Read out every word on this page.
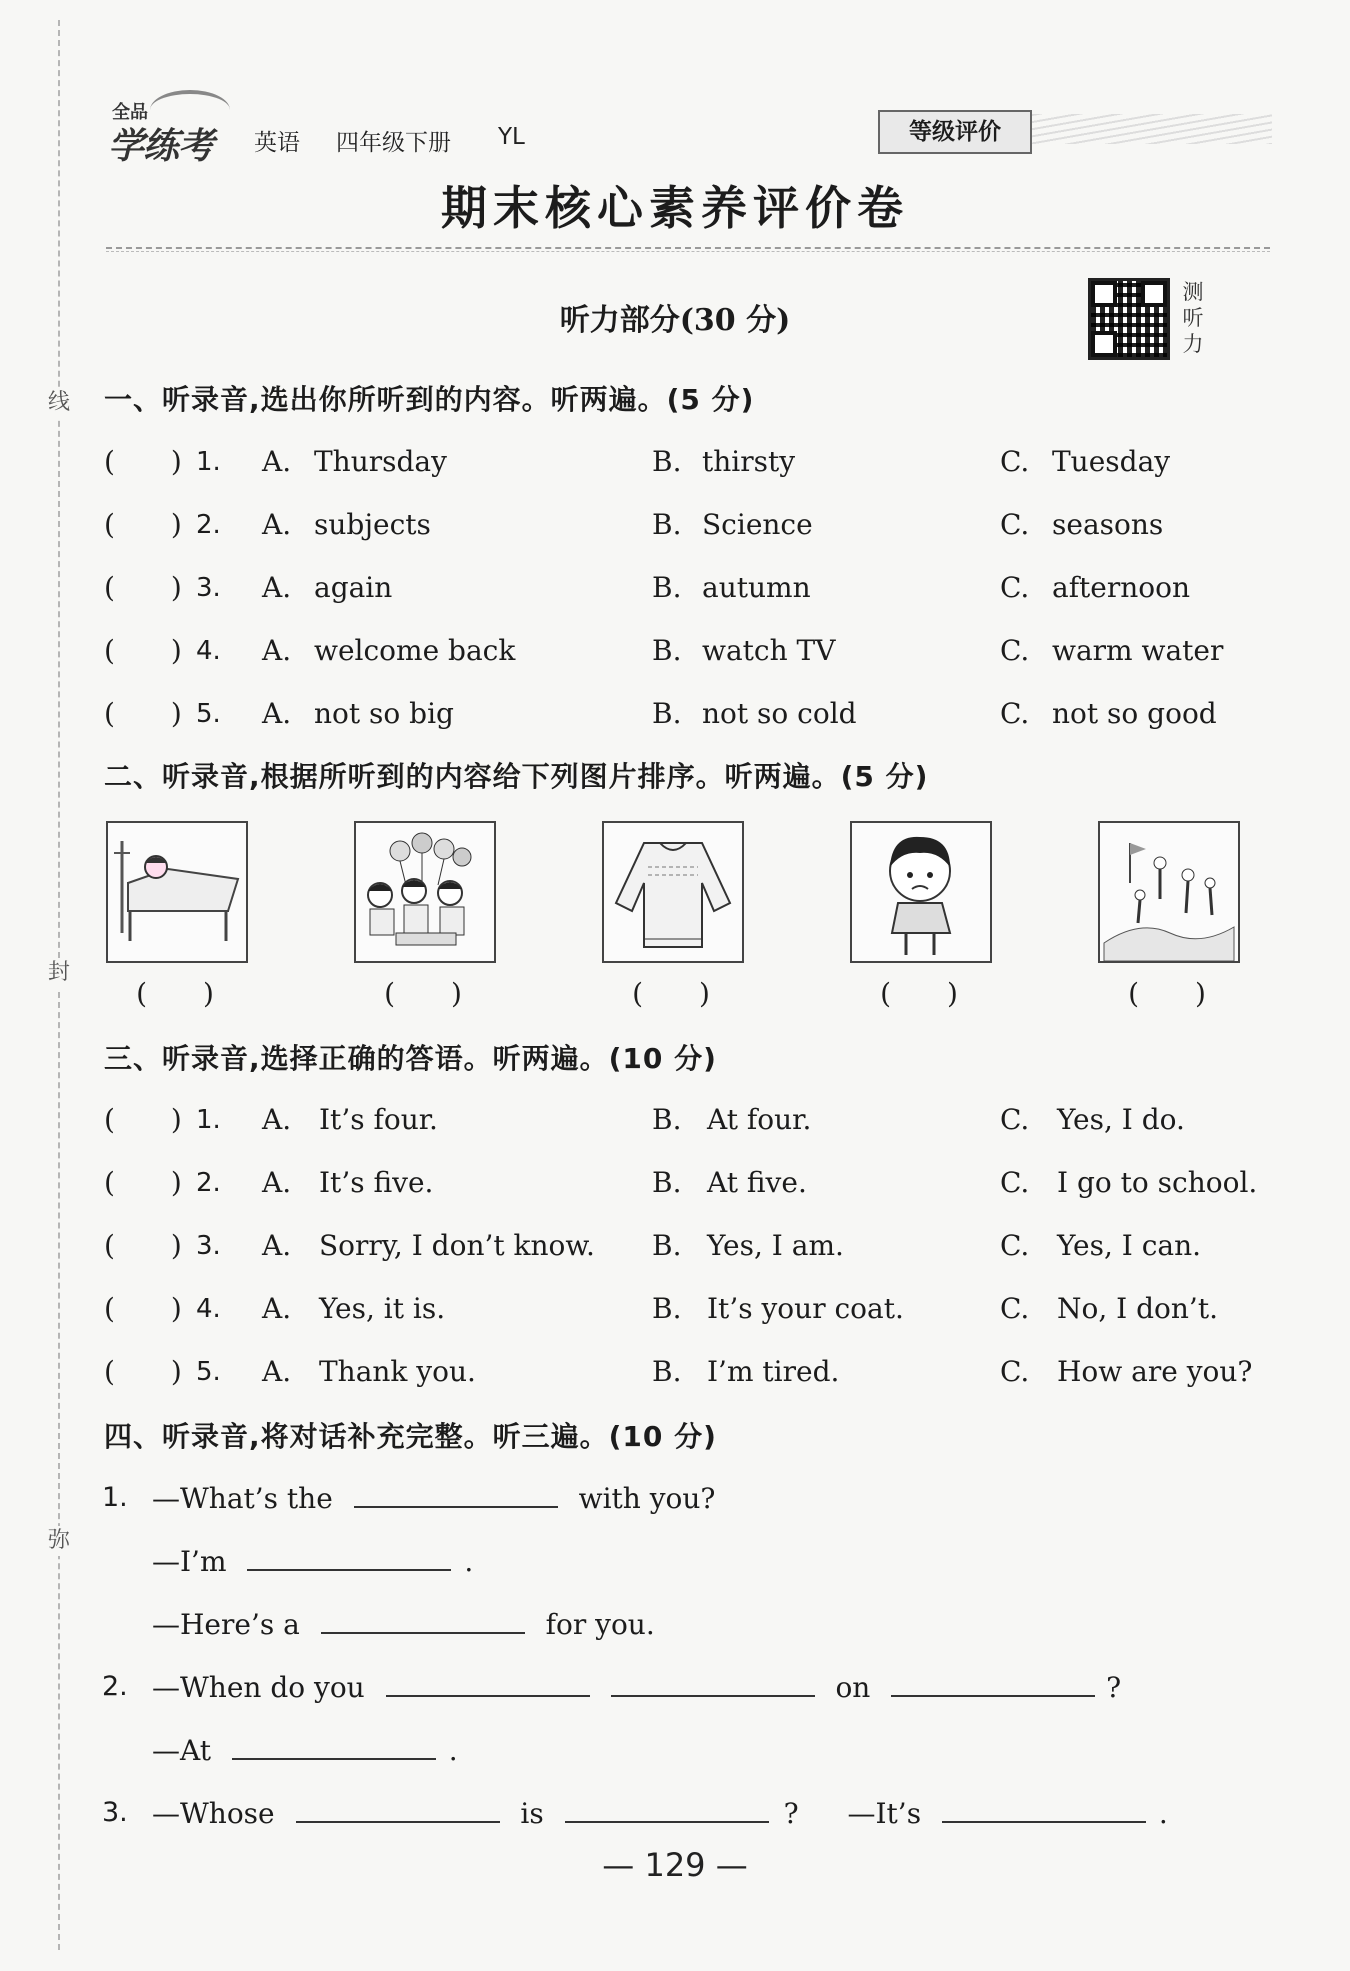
线
封
弥
全品
学练考 英语 四年级下册 YL	等级评价
期末核心素养评价卷
听力部分(30 分)
测
听
力
一、听录音,选出你所听到的内容。听两遍。(5 分)
(　　) 1. A. Thursday	B. thirsty	C. Tuesday
(　　) 2. A. subjects	B. Science	C. seasons
(　　) 3. A. again	B. autumn	C. afternoon
(　　) 4. A. welcome back	B. watch TV	C. warm water
(　　) 5. A. not so big	B. not so cold	C. not so good
二、听录音,根据所听到的内容给下列图片排序。听两遍。(5 分)
(　　)	(　　)	(　　)	(　　)	(　　)
三、听录音,选择正确的答语。听两遍。(10 分)
(　　) 1. A. It’s four.	B. At four.	C. Yes, I do.
(　　) 2. A. It’s five.	B. At five.	C. I go to school.
(　　) 3. A. Sorry, I don’t know. B. Yes, I am.	C. Yes, I can.
(　　) 4. A. Yes, it is.	B. It’s your coat.	C. No, I don’t.
(　　) 5. A. Thank you.	B. I’m tired.	C. How are you?
四、听录音,将对话补充完整。听三遍。(10 分)
1. —What’s the	with you?
—I’m	.
—Here’s a	for you.
2. —When do you	on	?
—At	.
3. —Whose	is	? —It’s	.
— 129 —
